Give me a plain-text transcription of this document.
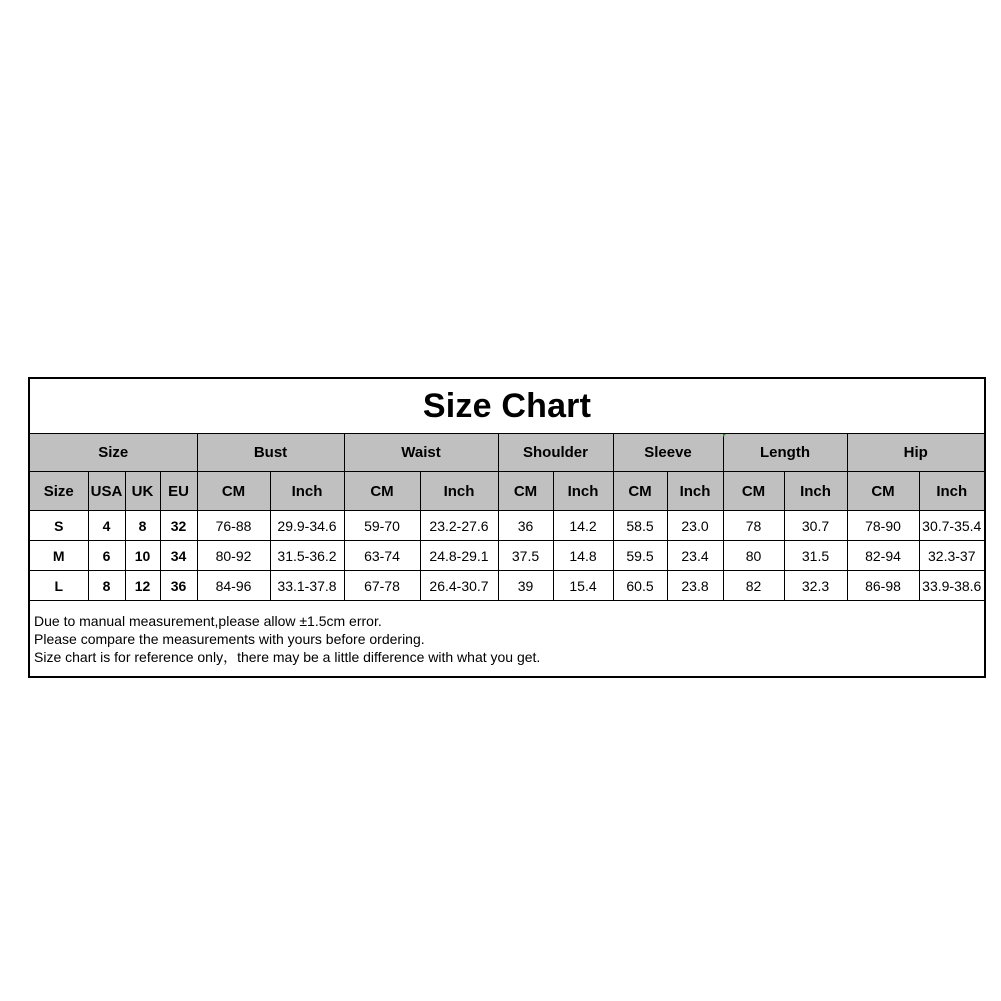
Size Chart															
Size				Bust		Waist		Shoulder		Sleeve		Length		Hip	
Size	USA	UK	EU	CM	Inch	CM	Inch	CM	Inch	CM	Inch	CM	Inch	CM	Inch
S	4	8	32	76-88	29.9-34.6	59-70	23.2-27.6	36	14.2	58.5	23.0	78	30.7	78-90	30.7-35.4
M	6	10	34	80-92	31.5-36.2	63-74	24.8-29.1	37.5	14.8	59.5	23.4	80	31.5	82-94	32.3-37
L	8	12	36	84-96	33.1-37.8	67-78	26.4-30.7	39	15.4	60.5	23.8	82	32.3	86-98	33.9-38.6
Due to manual measurement,please allow ±1.5cm error.
Please compare the measurements with yours before ordering.
Size chart is for reference only，there may be a little difference with what you get.
